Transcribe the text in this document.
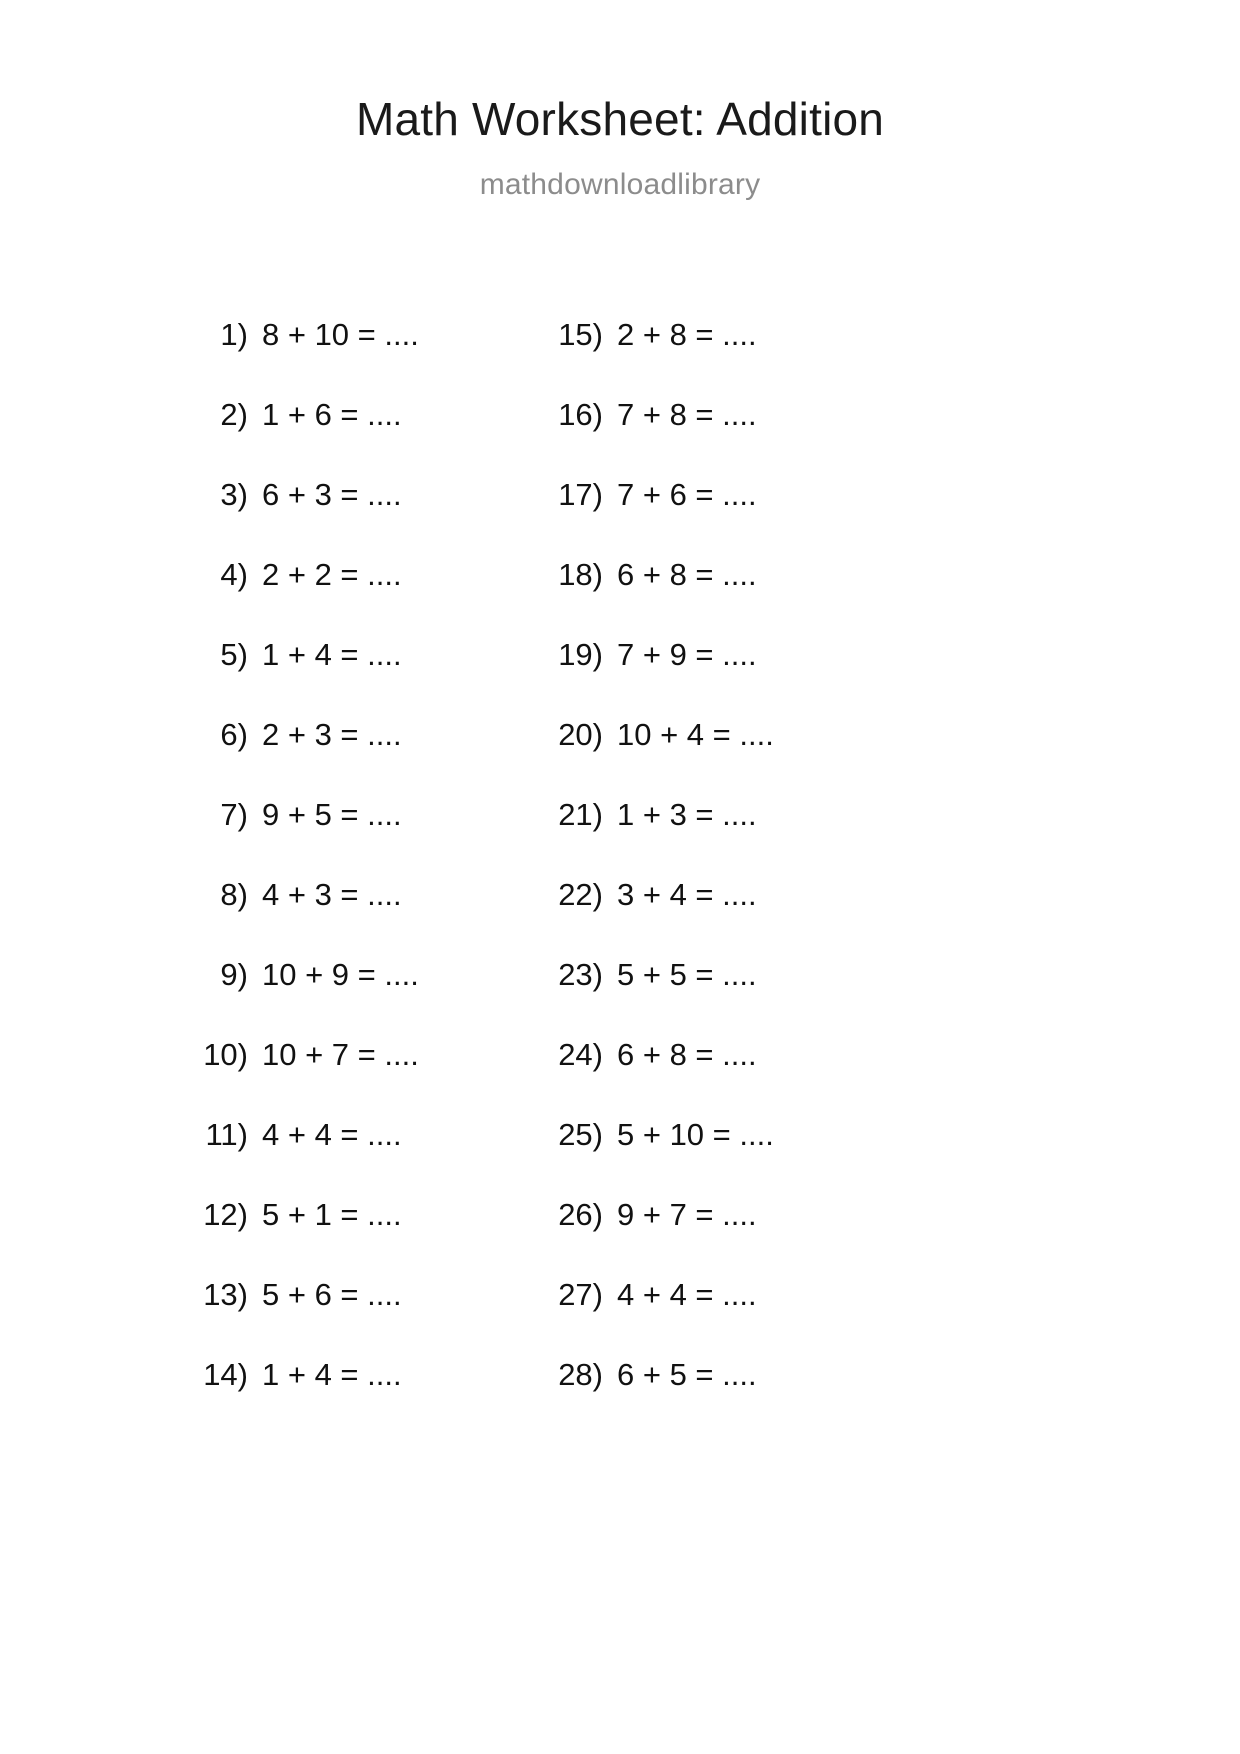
Math Worksheet: Addition
mathdownloadlibrary
1) 8 + 10 = ....
2) 1 + 6 = ....
3) 6 + 3 = ....
4) 2 + 2 = ....
5) 1 + 4 = ....
6) 2 + 3 = ....
7) 9 + 5 = ....
8) 4 + 3 = ....
9) 10 + 9 = ....
10) 10 + 7 = ....
11) 4 + 4 = ....
12) 5 + 1 = ....
13) 5 + 6 = ....
14) 1 + 4 = ....
15) 2 + 8 = ....
16) 7 + 8 = ....
17) 7 + 6 = ....
18) 6 + 8 = ....
19) 7 + 9 = ....
20) 10 + 4 = ....
21) 1 + 3 = ....
22) 3 + 4 = ....
23) 5 + 5 = ....
24) 6 + 8 = ....
25) 5 + 10 = ....
26) 9 + 7 = ....
27) 4 + 4 = ....
28) 6 + 5 = ....
